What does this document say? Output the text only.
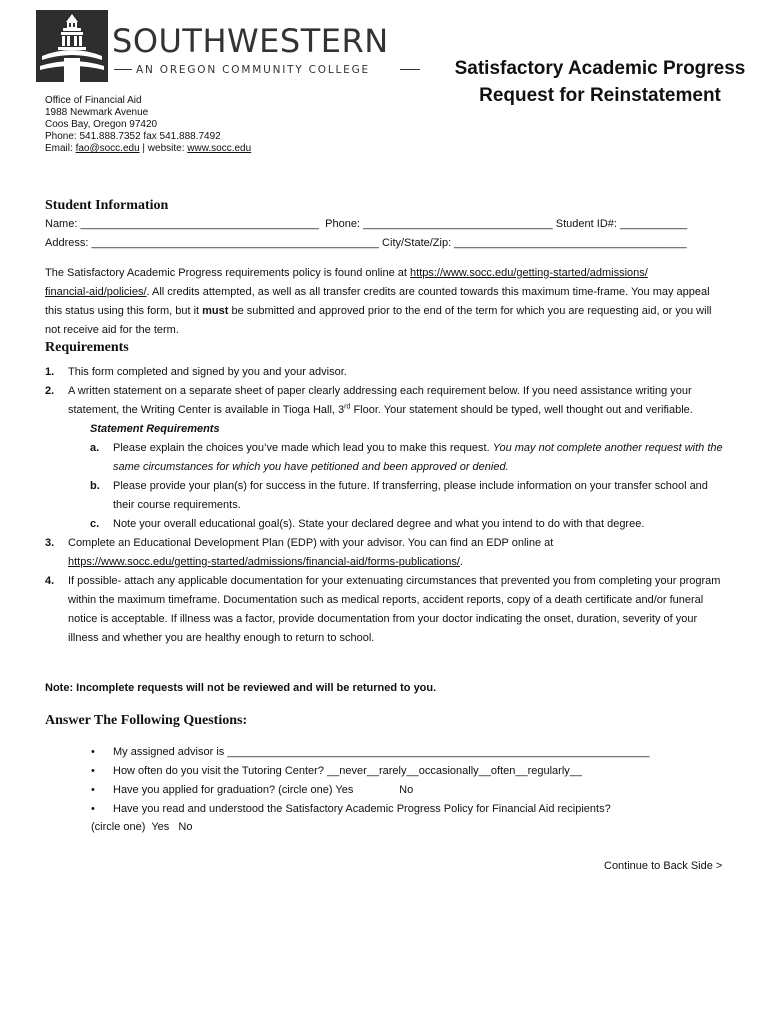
SOUTHWESTERN
AN OREGON COMMUNITY COLLEGE
Office of Financial Aid
1988 Newmark Avenue
Coos Bay, Oregon 97420
Phone: 541.888.7352 fax 541.888.7492
Email: fao@socc.edu | website: www.socc.edu
Satisfactory Academic Progress
Request for Reinstatement
Student Information
Name: _______________________________________  Phone: _______________________________ Student ID#: ___________
Address: _______________________________________________ City/State/Zip: ______________________________________
The Satisfactory Academic Progress requirements policy is found online at https://www.socc.edu/getting-started/admissions/
financial-aid/policies/. All credits attempted, as well as all transfer credits are counted towards this maximum time-frame. You may appeal this status using this form, but it must be submitted and approved prior to the end of the term for which you are requesting aid, or you will not receive aid for the term.
Requirements
1. This form completed and signed by you and your advisor.
2. A written statement on a separate sheet of paper clearly addressing each requirement below. If you need assistance writing your statement, the Writing Center is available in Tioga Hall, 3rd Floor. Your statement should be typed, well thought out and verifiable.
Statement Requirements
a. Please explain the choices you’ve made which lead you to make this request. You may not complete another request with the same circumstances for which you have petitioned and been approved or denied.
b. Please provide your plan(s) for success in the future. If transferring, please include information on your transfer school and their course requirements.
c. Note your overall educational goal(s). State your declared degree and what you intend to do with that degree.
3. Complete an Educational Development Plan (EDP) with your advisor. You can find an EDP online at
https://www.socc.edu/getting-started/admissions/financial-aid/forms-publications/.
4. If possible- attach any applicable documentation for your extenuating circumstances that prevented you from completing your program within the maximum timeframe. Documentation such as medical reports, accident reports, copy of a death certificate and/or funeral notice is acceptable. If illness was a factor, provide documentation from your doctor indicating the onset, duration, severity of your illness and whether you are healthy enough to return to school.
Note: Incomplete requests will not be reviewed and will be returned to you.
Answer The Following Questions:
• My assigned advisor is _____________________________________________________________________
• How often do you visit the Tutoring Center? __never__rarely__occasionally__often__regularly__
• Have you applied for graduation? (circle one) Yes               No
• Have you read and understood the Satisfactory Academic Progress Policy for Financial Aid recipients?
(circle one)  Yes   No
Continue to Back Side >
